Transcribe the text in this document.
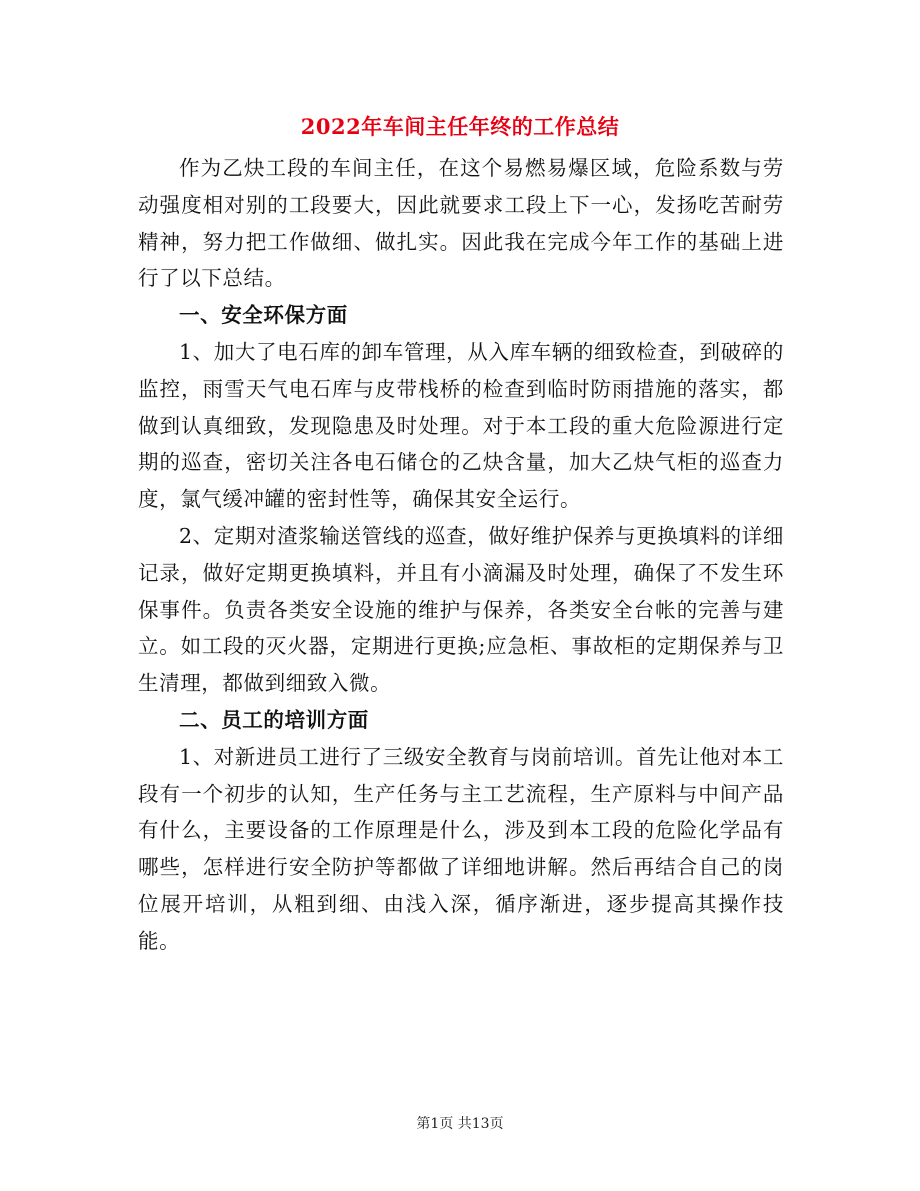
2022年车间主任年终的工作总结

作为乙炔工段的车间主任，在这个易燃易爆区域，危险系数与劳动强度相对别的工段要大，因此就要求工段上下一心，发扬吃苦耐劳精神，努力把工作做细、做扎实。因此我在完成今年工作的基础上进行了以下总结。

一、安全环保方面

1、加大了电石库的卸车管理，从入库车辆的细致检查，到破碎的监控，雨雪天气电石库与皮带栈桥的检查到临时防雨措施的落实，都做到认真细致，发现隐患及时处理。对于本工段的重大危险源进行定期的巡查，密切关注各电石储仓的乙炔含量，加大乙炔气柜的巡查力度，氯气缓冲罐的密封性等，确保其安全运行。

2、定期对渣浆输送管线的巡查，做好维护保养与更换填料的详细记录，做好定期更换填料，并且有小滴漏及时处理，确保了不发生环保事件。负责各类安全设施的维护与保养，各类安全台帐的完善与建立。如工段的灭火器，定期进行更换;应急柜、事故柜的定期保养与卫生清理，都做到细致入微。

二、员工的培训方面

1、对新进员工进行了三级安全教育与岗前培训。首先让他对本工段有一个初步的认知，生产任务与主工艺流程，生产原料与中间产品有什么，主要设备的工作原理是什么，涉及到本工段的危险化学品有哪些，怎样进行安全防护等都做了详细地讲解。然后再结合自己的岗位展开培训，从粗到细、由浅入深，循序渐进，逐步提高其操作技能。

第1页 共13页
